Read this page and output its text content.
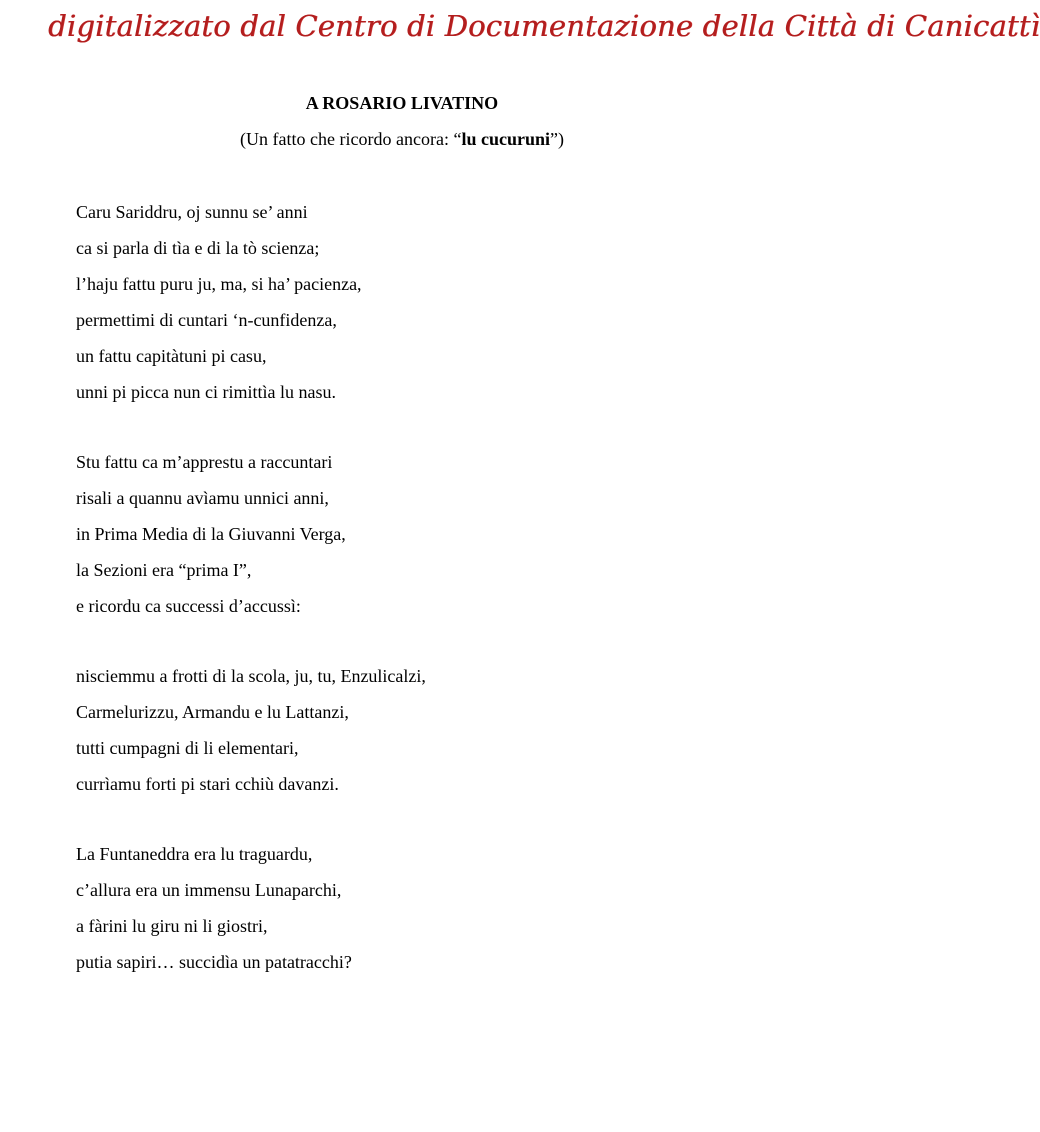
digitalizzato dal Centro di Documentazione della Città di Canicattì
A ROSARIO LIVATINO
(Un fatto che ricordo ancora: “lu cucuruni”)
Caru Sariddru, oj sunnu se’ anni
ca si parla di tìa e di la tò scienza;
l’haju fattu puru ju, ma, si ha’ pacienza,
permettimi di cuntari ‘n-cunfidenza,
un fattu capitàtuni pi casu,
unni pi picca nun ci rimittìa lu nasu.
Stu fattu ca m’apprestu a raccuntari
risali a quannu avìamu unnici anni,
in Prima Media di la Giuvanni Verga,
la Sezioni era “prima I”,
e ricordu ca successi d’accussì:
nisciemmu a frotti di la scola, ju, tu, Enzulicalzi,
Carmelurizzu, Armandu e lu Lattanzi,
tutti cumpagni di li elementari,
currìamu forti pi stari cchiù davanzi.
La Funtaneddra era lu traguardu,
c’allura era un immensu Lunaparchi,
a fàrini lu giru ni li giostri,
putia sapiri… succidìa un patatracchi?
